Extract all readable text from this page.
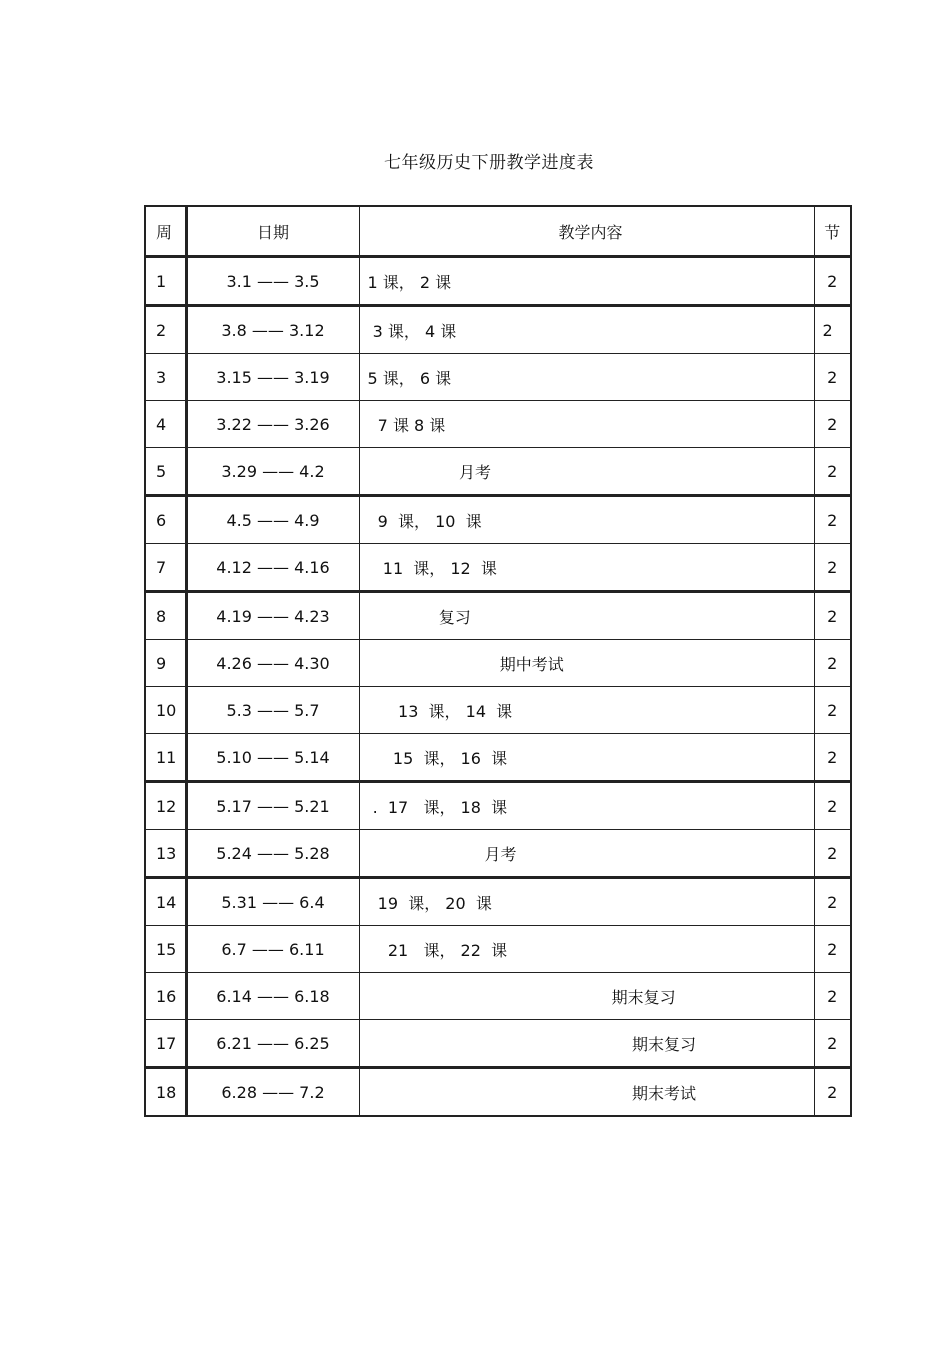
七年级历史下册教学进度表
周	日期	教学内容	节
1	3.1 —— 3.5	1 课， 2 课	2
2	3.8 —— 3.12	3 课， 4 课	2
3	3.15 —— 3.19	5 课， 6 课	2
4	3.22 —— 3.26	7 课 8 课	2
5	3.29 —— 4.2	月考	2
6	4.5 —— 4.9	9  课， 10  课	2
7	4.12 —— 4.16	11  课， 12  课	2
8	4.19 —— 4.23	复习	2
9	4.26 —— 4.30	期中考试	2
10	5.3 —— 5.7	13  课， 14  课	2
11	5.10 —— 5.14	15  课， 16  课	2
12	5.17 —— 5.21	.  17   课， 18  课	2
13	5.24 —— 5.28	月考	2
14	5.31 —— 6.4	19  课， 20  课	2
15	6.7 —— 6.11	21   课， 22  课	2
16	6.14 —— 6.18	期末复习	2
17	6.21 —— 6.25	期末复习	2
18	6.28 —— 7.2	期末考试	2
